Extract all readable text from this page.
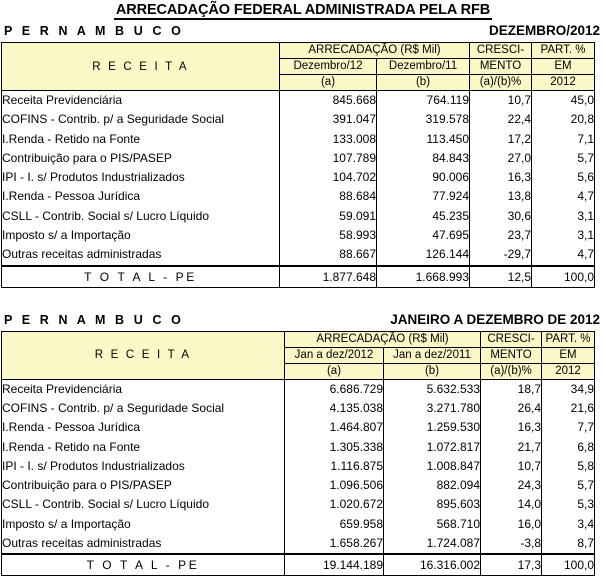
ARRECADAÇÃO FEDERAL ADMINISTRADA PELA RFB
P E R N A M B U C O	DEZEMBRO/2012
R E C E I T A	ARRECADAÇÃO (R$ Mil)		CRESCI-	PART. %
	Dezembro/12	Dezembro/11	MENTO	EM
	(a)	(b)	(a)/(b)%	2012
Receita Previdenciária	845.668	764.119	10,7	45,0
COFINS - Contrib. p/ a Seguridade Social	391.047	319.578	22,4	20,8
I.Renda - Retido na Fonte	133.008	113.450	17,2	7,1
Contribuição para o PIS/PASEP	107.789	84.843	27,0	5,7
IPI - I. s/ Produtos Industrializados	104.702	90.006	16,3	5,6
I.Renda - Pessoa Jurídica	88.684	77.924	13,8	4,7
CSLL - Contrib. Social s/ Lucro Líquido	59.091	45.235	30,6	3,1
Imposto s/ a Importação	58.993	47.695	23,7	3,1
Outras receitas administradas	88.667	126.144	-29,7	4,7
T O T A L - PE	1.877.648	1.668.993	12,5	100,0
P E R N A M B U C O	JANEIRO A DEZEMBRO DE 2012
R E C E I T A	ARRECADAÇÃO (R$ Mil)		CRESCI-	PART. %
	Jan a dez/2012	Jan a dez/2011	MENTO	EM
	(a)	(b)	(a)/(b)%	2012
Receita Previdenciária	6.686.729	5.632.533	18,7	34,9
COFINS - Contrib. p/ a Seguridade Social	4.135.038	3.271.780	26,4	21,6
I.Renda - Pessoa Jurídica	1.464.807	1.259.530	16,3	7,7
I.Renda - Retido na Fonte	1.305.338	1.072.817	21,7	6,8
IPI - I. s/ Produtos Industrializados	1.116.875	1.008.847	10,7	5,8
Contribuição para o PIS/PASEP	1.096.506	882.094	24,3	5,7
CSLL - Contrib. Social s/ Lucro Líquido	1.020.672	895.603	14,0	5,3
Imposto s/ a Importação	659.958	568.710	16,0	3,4
Outras receitas administradas	1.658.267	1.724.087	-3,8	8,7
T O T A L - PE	19.144.189	16.316.002	17,3	100,0
